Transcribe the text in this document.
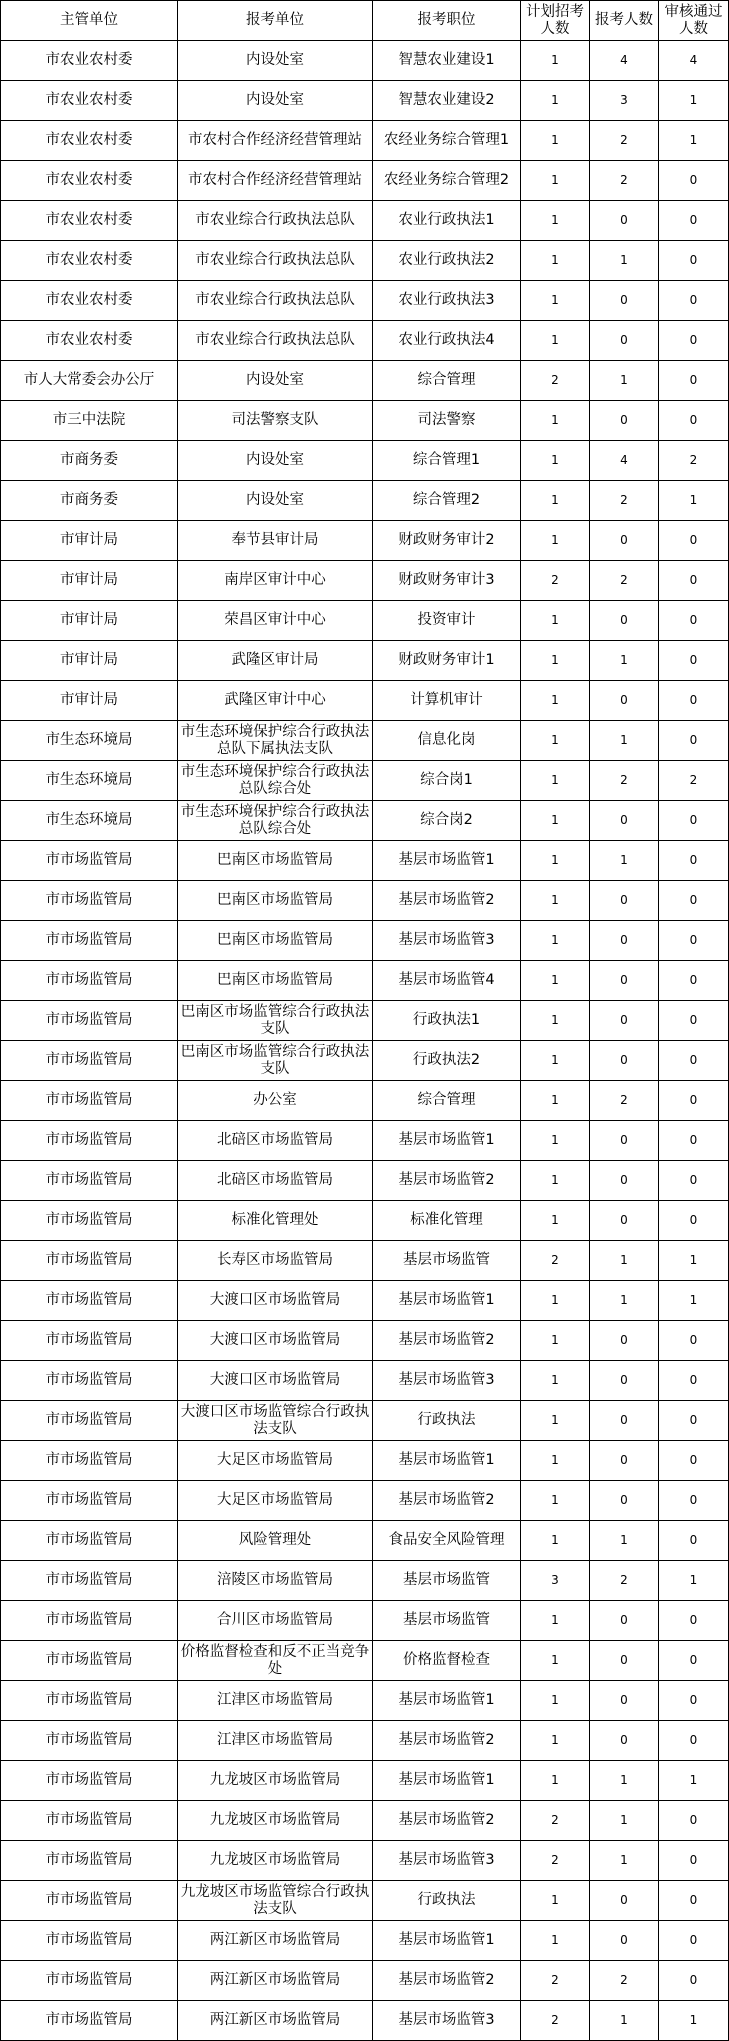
主管单位	报考单位	报考职位	计划招考人数	报考人数	审核通过人数
市农业农村委	内设处室	智慧农业建设1	1	4	4
市农业农村委	内设处室	智慧农业建设2	1	3	1
市农业农村委	市农村合作经济经营管理站	农经业务综合管理1	1	2	1
市农业农村委	市农村合作经济经营管理站	农经业务综合管理2	1	2	0
市农业农村委	市农业综合行政执法总队	农业行政执法1	1	0	0
市农业农村委	市农业综合行政执法总队	农业行政执法2	1	1	0
市农业农村委	市农业综合行政执法总队	农业行政执法3	1	0	0
市农业农村委	市农业综合行政执法总队	农业行政执法4	1	0	0
市人大常委会办公厅	内设处室	综合管理	2	1	0
市三中法院	司法警察支队	司法警察	1	0	0
市商务委	内设处室	综合管理1	1	4	2
市商务委	内设处室	综合管理2	1	2	1
市审计局	奉节县审计局	财政财务审计2	1	0	0
市审计局	南岸区审计中心	财政财务审计3	2	2	0
市审计局	荣昌区审计中心	投资审计	1	0	0
市审计局	武隆区审计局	财政财务审计1	1	1	0
市审计局	武隆区审计中心	计算机审计	1	0	0
市生态环境局	市生态环境保护综合行政执法总队下属执法支队	信息化岗	1	1	0
市生态环境局	市生态环境保护综合行政执法总队综合处	综合岗1	1	2	2
市生态环境局	市生态环境保护综合行政执法总队综合处	综合岗2	1	0	0
市市场监管局	巴南区市场监管局	基层市场监管1	1	1	0
市市场监管局	巴南区市场监管局	基层市场监管2	1	0	0
市市场监管局	巴南区市场监管局	基层市场监管3	1	0	0
市市场监管局	巴南区市场监管局	基层市场监管4	1	0	0
市市场监管局	巴南区市场监管综合行政执法支队	行政执法1	1	0	0
市市场监管局	巴南区市场监管综合行政执法支队	行政执法2	1	0	0
市市场监管局	办公室	综合管理	1	2	0
市市场监管局	北碚区市场监管局	基层市场监管1	1	0	0
市市场监管局	北碚区市场监管局	基层市场监管2	1	0	0
市市场监管局	标准化管理处	标准化管理	1	0	0
市市场监管局	长寿区市场监管局	基层市场监管	2	1	1
市市场监管局	大渡口区市场监管局	基层市场监管1	1	1	1
市市场监管局	大渡口区市场监管局	基层市场监管2	1	0	0
市市场监管局	大渡口区市场监管局	基层市场监管3	1	0	0
市市场监管局	大渡口区市场监管综合行政执法支队	行政执法	1	0	0
市市场监管局	大足区市场监管局	基层市场监管1	1	0	0
市市场监管局	大足区市场监管局	基层市场监管2	1	0	0
市市场监管局	风险管理处	食品安全风险管理	1	1	0
市市场监管局	涪陵区市场监管局	基层市场监管	3	2	1
市市场监管局	合川区市场监管局	基层市场监管	1	0	0
市市场监管局	价格监督检查和反不正当竞争处	价格监督检查	1	0	0
市市场监管局	江津区市场监管局	基层市场监管1	1	0	0
市市场监管局	江津区市场监管局	基层市场监管2	1	0	0
市市场监管局	九龙坡区市场监管局	基层市场监管1	1	1	1
市市场监管局	九龙坡区市场监管局	基层市场监管2	2	1	0
市市场监管局	九龙坡区市场监管局	基层市场监管3	2	1	0
市市场监管局	九龙坡区市场监管综合行政执法支队	行政执法	1	0	0
市市场监管局	两江新区市场监管局	基层市场监管1	1	0	0
市市场监管局	两江新区市场监管局	基层市场监管2	2	2	0
市市场监管局	两江新区市场监管局	基层市场监管3	2	1	1
